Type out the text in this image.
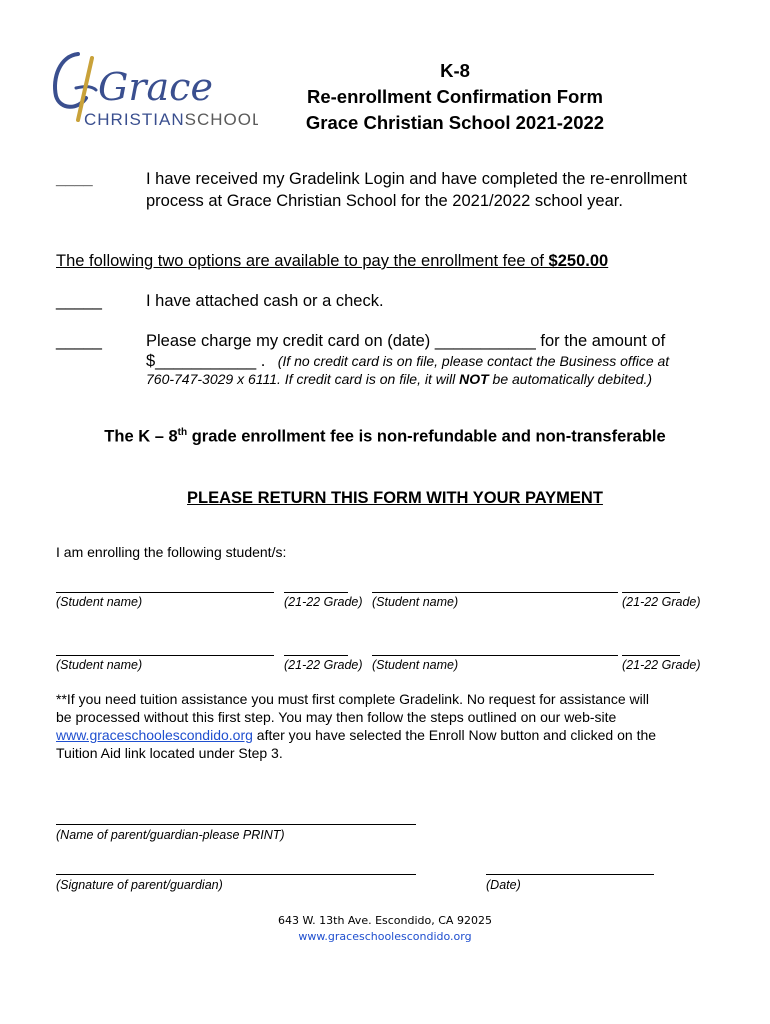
Grace
CHRISTIANSCHOOL
K-8
Re-enrollment Confirmation Form
Grace Christian School 2021-2022
____	I have received my Gradelink Login and have completed the re-enrollment
process at Grace Christian School for the 2021/2022 school year.
The following two options are available to pay the enrollment fee of $250.00
_____	I have attached cash or a check.
_____	Please charge my credit card on (date) ___________ for the amount of
$___________ . (If no credit card is on file, please contact the Business office at
760-747-3029 x 6111. If credit card is on file, it will NOT be automatically debited.)
The K – 8th grade enrollment fee is non-refundable and non-transferable
PLEASE RETURN THIS FORM WITH YOUR PAYMENT
I am enrolling the following student/s:
(Student name)	(21-22 Grade) (Student name)	(21-22 Grade)
(Student name)	(21-22 Grade) (Student name)	(21-22 Grade)
**If you need tuition assistance you must first complete Gradelink. No request for assistance will
be processed without this first step. You may then follow the steps outlined on our web-site
www.graceschoolescondido.org after you have selected the Enroll Now button and clicked on the
Tuition Aid link located under Step 3.
(Name of parent/guardian-please PRINT)
(Signature of parent/guardian)	(Date)
643 W. 13th Ave. Escondido, CA 92025
www.graceschoolescondido.org
